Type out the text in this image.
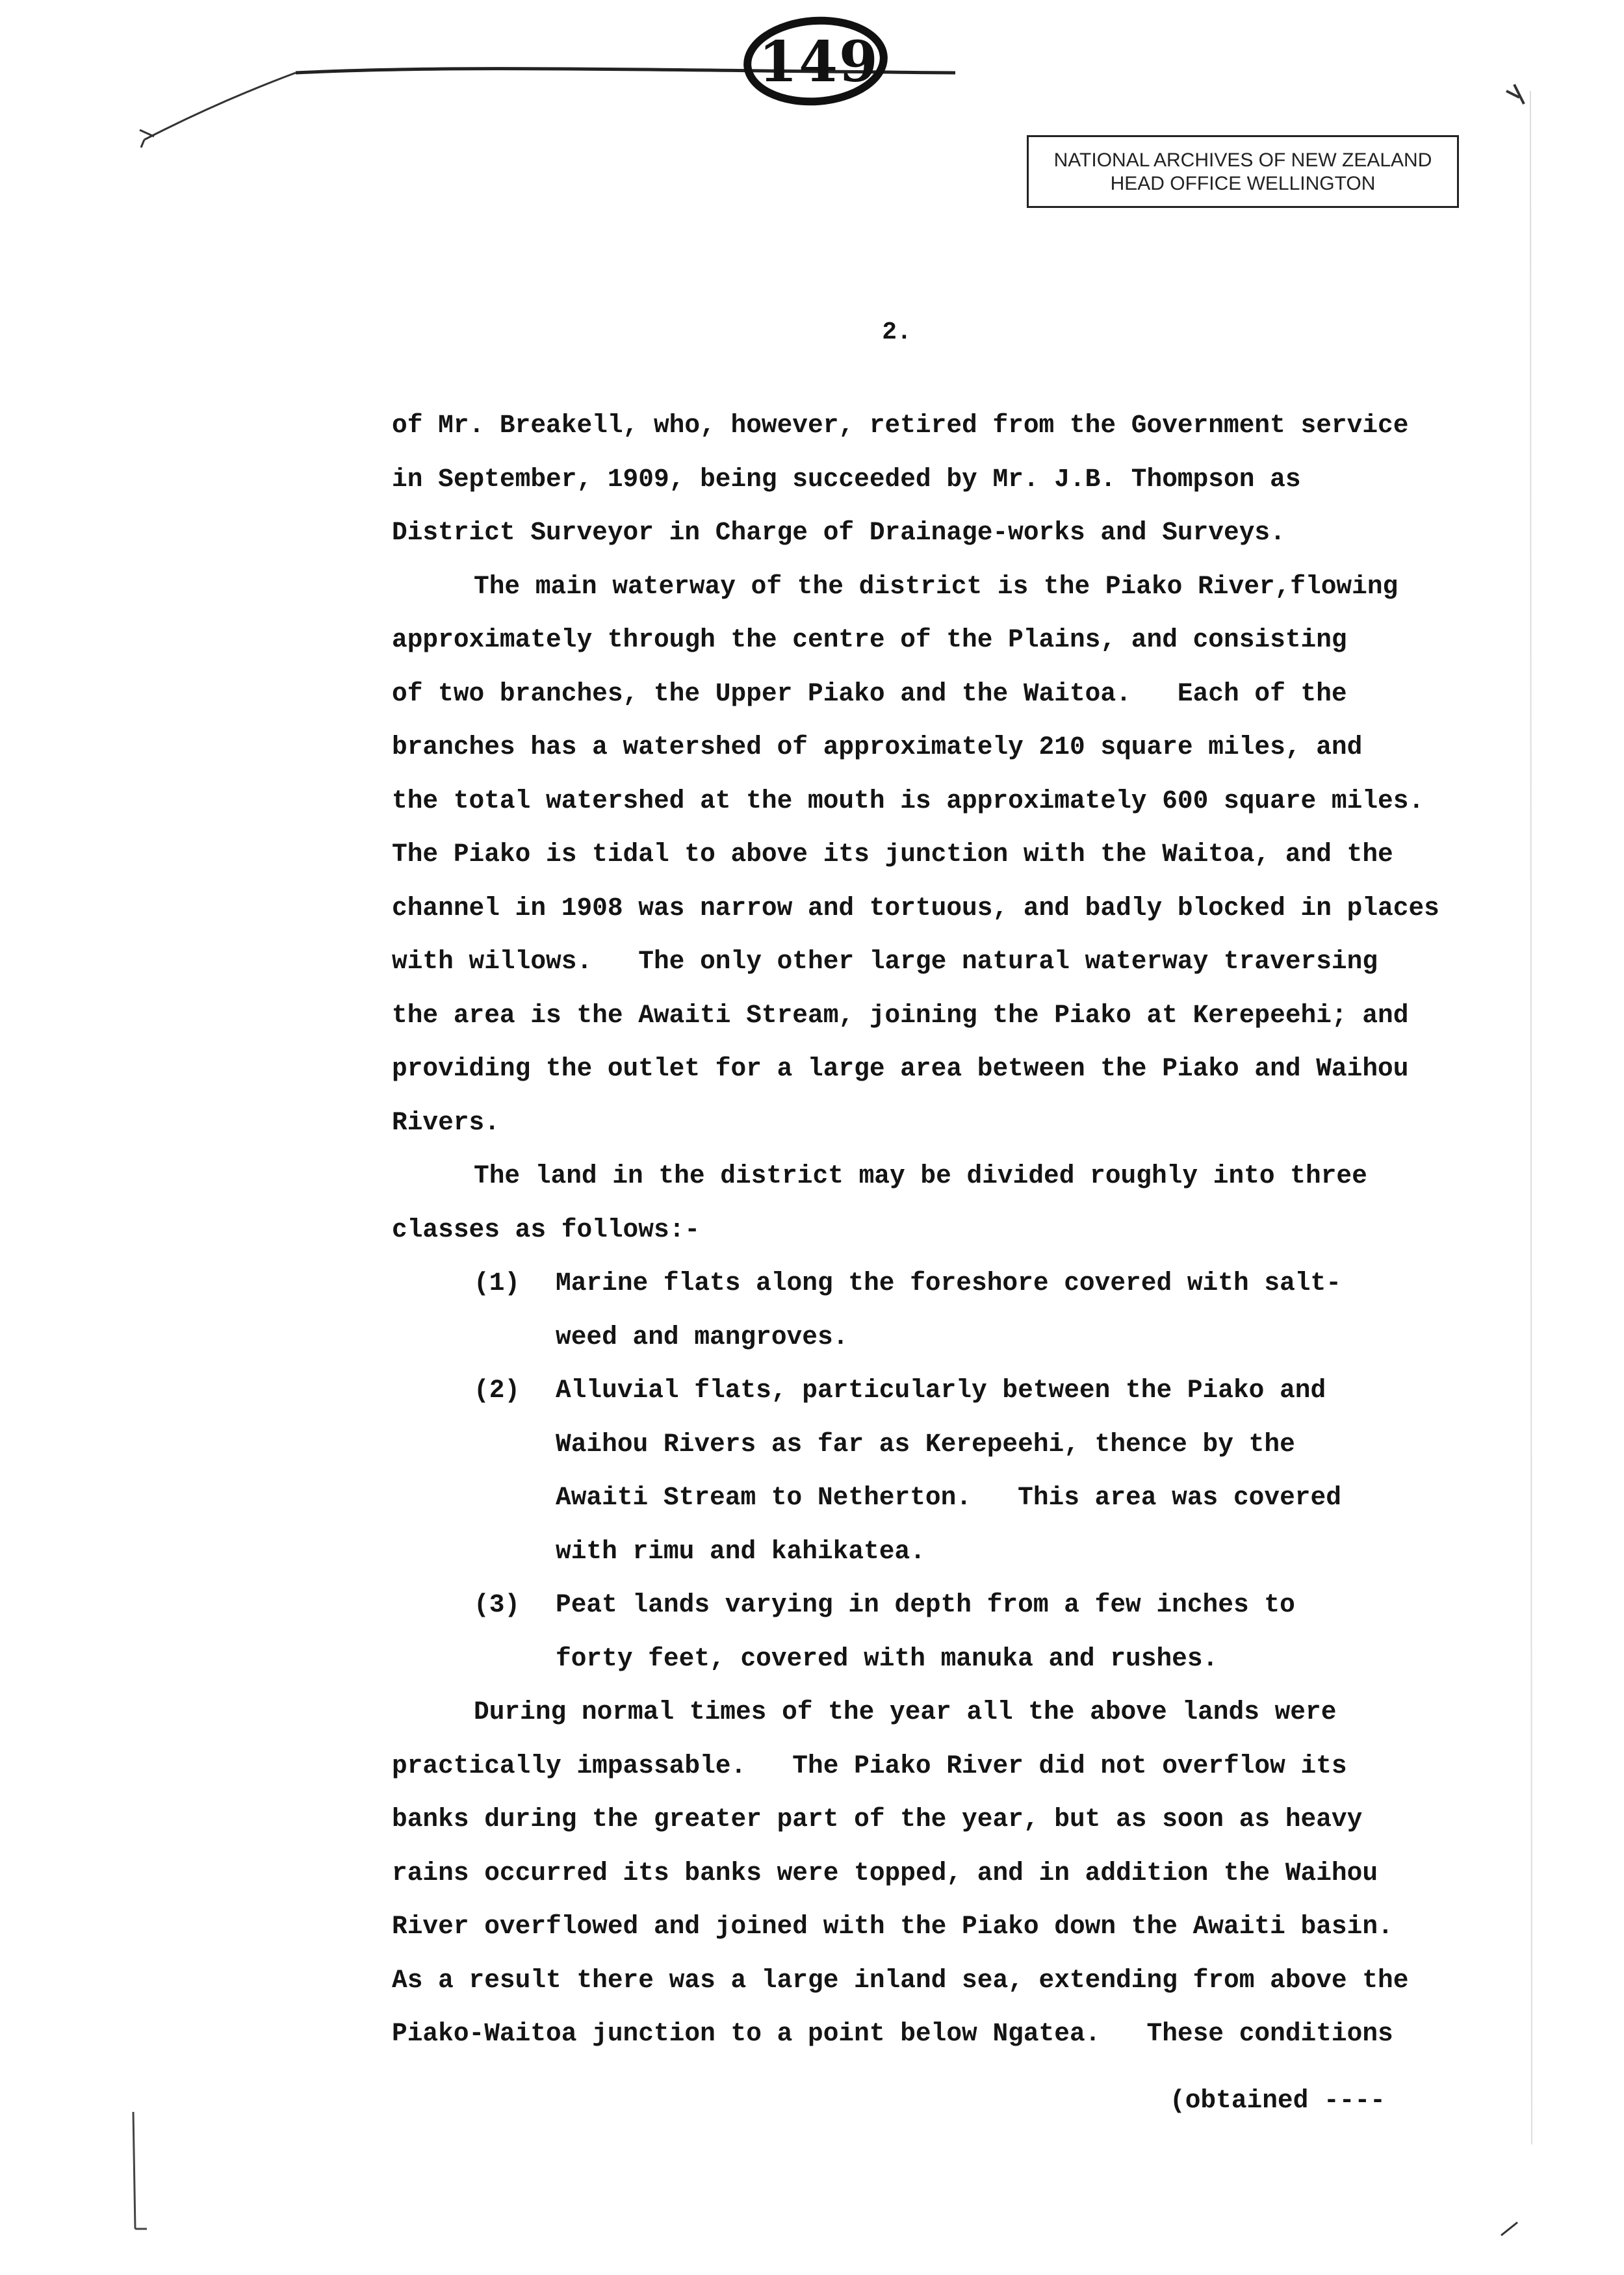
149
NATIONAL ARCHIVES OF NEW ZEALAND
HEAD OFFICE WELLINGTON
2.
of Mr. Breakell, who, however, retired from the Government service
in September, 1909, being succeeded by Mr. J.B. Thompson as
District Surveyor in Charge of Drainage-works and Surveys.
The main waterway of the district is the Piako River,flowing
approximately through the centre of the Plains, and consisting
of two branches, the Upper Piako and the Waitoa.   Each of the
branches has a watershed of approximately 210 square miles, and
the total watershed at the mouth is approximately 600 square miles.
The Piako is tidal to above its junction with the Waitoa, and the
channel in 1908 was narrow and tortuous, and badly blocked in places
with willows.   The only other large natural waterway traversing
the area is the Awaiti Stream, joining the Piako at Kerepeehi; and
providing the outlet for a large area between the Piako and Waihou
Rivers.
The land in the district may be divided roughly into three
classes as follows:-
(1)	Marine flats along the foreshore covered with salt-
weed and mangroves.
(2)	Alluvial flats, particularly between the Piako and
Waihou Rivers as far as Kerepeehi, thence by the
Awaiti Stream to Netherton.   This area was covered
with rimu and kahikatea.
(3)	Peat lands varying in depth from a few inches to
forty feet, covered with manuka and rushes.
During normal times of the year all the above lands were
practically impassable.   The Piako River did not overflow its
banks during the greater part of the year, but as soon as heavy
rains occurred its banks were topped, and in addition the Waihou
River overflowed and joined with the Piako down the Awaiti basin.
As a result there was a large inland sea, extending from above the
Piako-Waitoa junction to a point below Ngatea.   These conditions
(obtained ----
